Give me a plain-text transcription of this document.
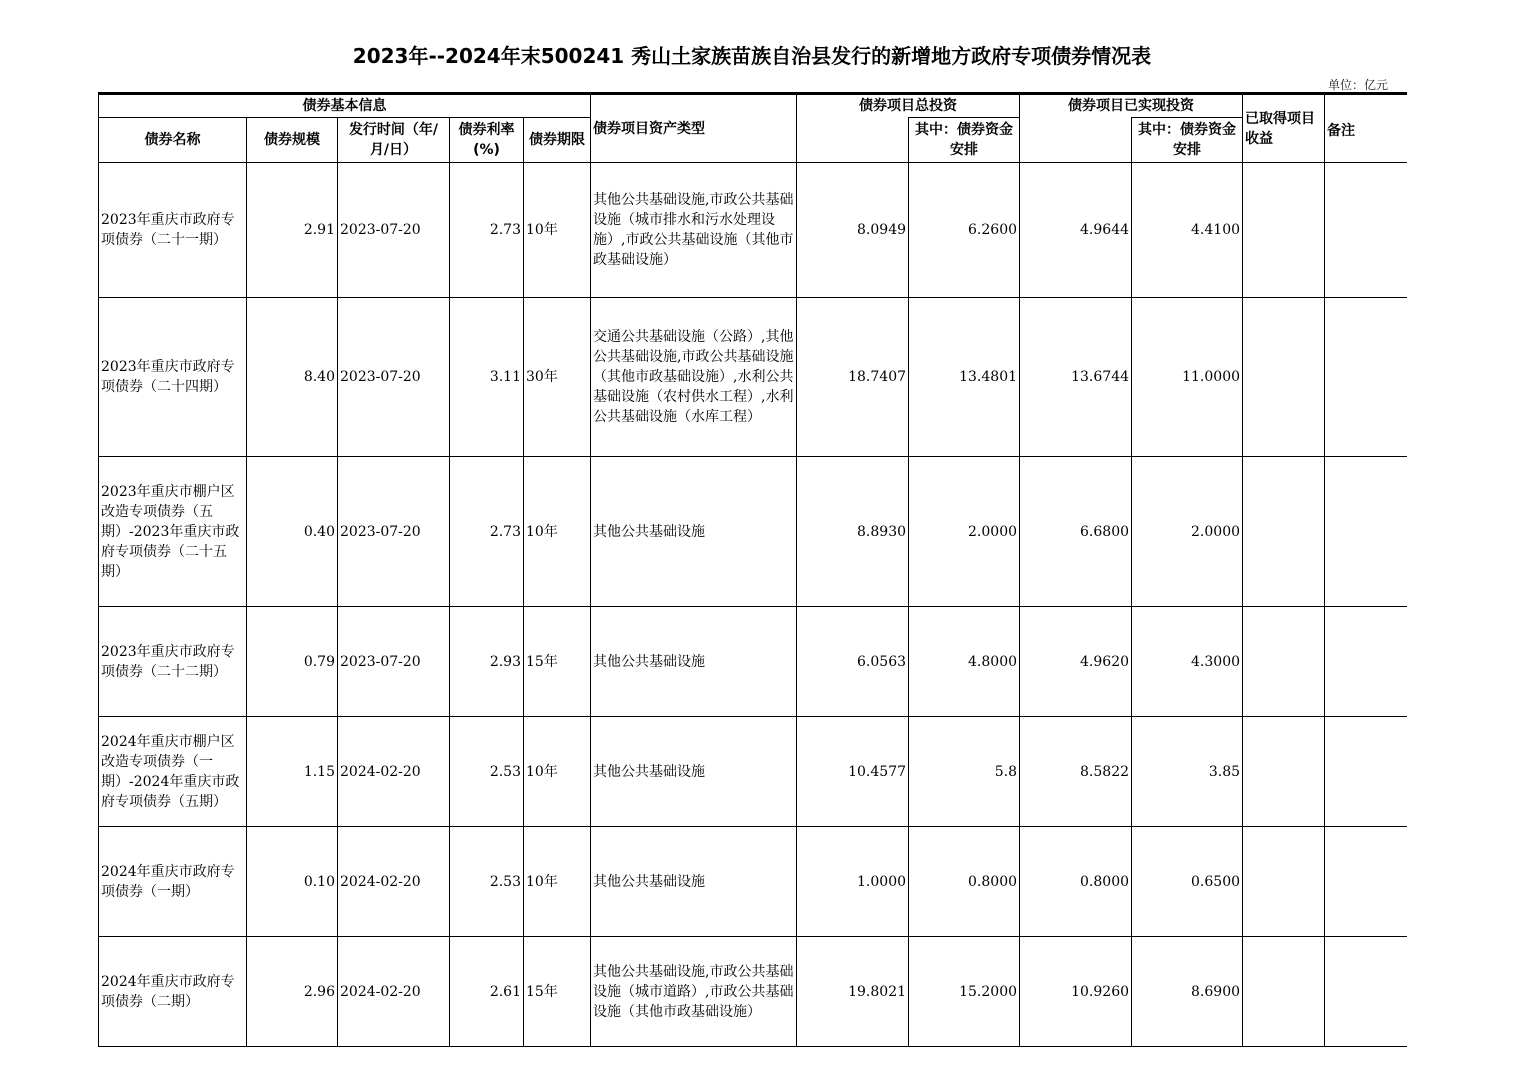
2023年--2024年末500241 秀山土家族苗族自治县发行的新增地方政府专项债券情况表
单位：亿元
债券基本信息					债券项目资产类型	债券项目总投资		债券项目已实现投资		已取得项目收益	备注
债券名称	债券规模	发行时间（年/月/日）	债券利率(%)	债券期限			其中：债券资金安排		其中：债券资金安排		
2023年重庆市政府专项债券（二十一期）	2.91	2023-07-20	2.73	10年	其他公共基础设施,市政公共基础设施（城市排水和污水处理设施）,市政公共基础设施（其他市政基础设施）	8.0949	6.2600	4.9644	4.4100		
2023年重庆市政府专项债券（二十四期）	8.40	2023-07-20	3.11	30年	交通公共基础设施（公路）,其他公共基础设施,市政公共基础设施（其他市政基础设施）,水利公共基础设施（农村供水工程）,水利公共基础设施（水库工程）	18.7407	13.4801	13.6744	11.0000		
2023年重庆市棚户区改造专项债券（五期）-2023年重庆市政府专项债券（二十五期）	0.40	2023-07-20	2.73	10年	其他公共基础设施	8.8930	2.0000	6.6800	2.0000		
2023年重庆市政府专项债券（二十二期）	0.79	2023-07-20	2.93	15年	其他公共基础设施	6.0563	4.8000	4.9620	4.3000		
2024年重庆市棚户区改造专项债券（一期）-2024年重庆市政府专项债券（五期）	1.15	2024-02-20	2.53	10年	其他公共基础设施	10.4577	5.8	8.5822	3.85		
2024年重庆市政府专项债券（一期）	0.10	2024-02-20	2.53	10年	其他公共基础设施	1.0000	0.8000	0.8000	0.6500		
2024年重庆市政府专项债券（二期）	2.96	2024-02-20	2.61	15年	其他公共基础设施,市政公共基础设施（城市道路）,市政公共基础设施（其他市政基础设施）	19.8021	15.2000	10.9260	8.6900		
